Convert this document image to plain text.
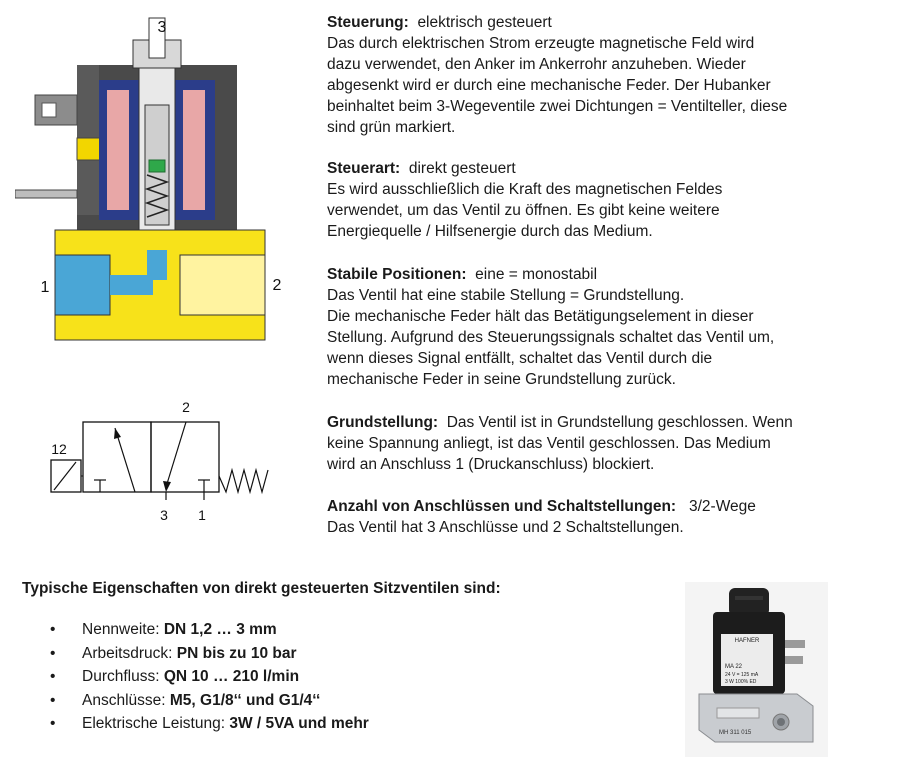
3
1	2
12
2
3 1

Steuerung: elektrisch gesteuert

Das durch elektrischen Strom erzeugte magnetische Feld wird

dazu verwendet, den Anker im Ankerrohr anzuheben. Wieder

abgesenkt wird er durch eine mechanische Feder. Der Hubanker

beinhaltet beim 3-Wegeventile zwei Dichtungen = Ventilteller, diese

sind grün markiert.

Steuerart: direkt gesteuert

Es wird ausschließlich die Kraft des magnetischen Feldes

verwendet, um das Ventil zu öffnen. Es gibt keine weitere

Energiequelle / Hilfsenergie durch das Medium.

Stabile Positionen: eine = monostabil

Das Ventil hat eine stabile Stellung = Grundstellung.

Die mechanische Feder hält das Betätigungselement in dieser

Stellung. Aufgrund des Steuerungssignals schaltet das Ventil um,

wenn dieses Signal entfällt, schaltet das Ventil durch die

mechanische Feder in seine Grundstellung zurück.

Grundstellung: Das Ventil ist in Grundstellung geschlossen. Wenn

keine Spannung anliegt, ist das Ventil geschlossen. Das Medium

wird an Anschluss 1 (Druckanschluss) blockiert.

Anzahl von Anschlüssen und Schaltstellungen: 3/2-Wege

Das Ventil hat 3 Anschlüsse und 2 Schaltstellungen.

Typische Eigenschaften von direkt gesteuerten Sitzventilen sind:
• Nennweite: DN 1,2 … 3 mm
• Arbeitsdruck: PN bis zu 10 bar
• Durchfluss: QN 10 … 210 l/min
• Anschlüsse: M5, G1/8‘‘ und G1/4‘‘
• Elektrische Leistung: 3W / 5VA und mehr
HAFNER
MA 22
24 V = 125 mA
3 W 100% ED
MH 311 015
